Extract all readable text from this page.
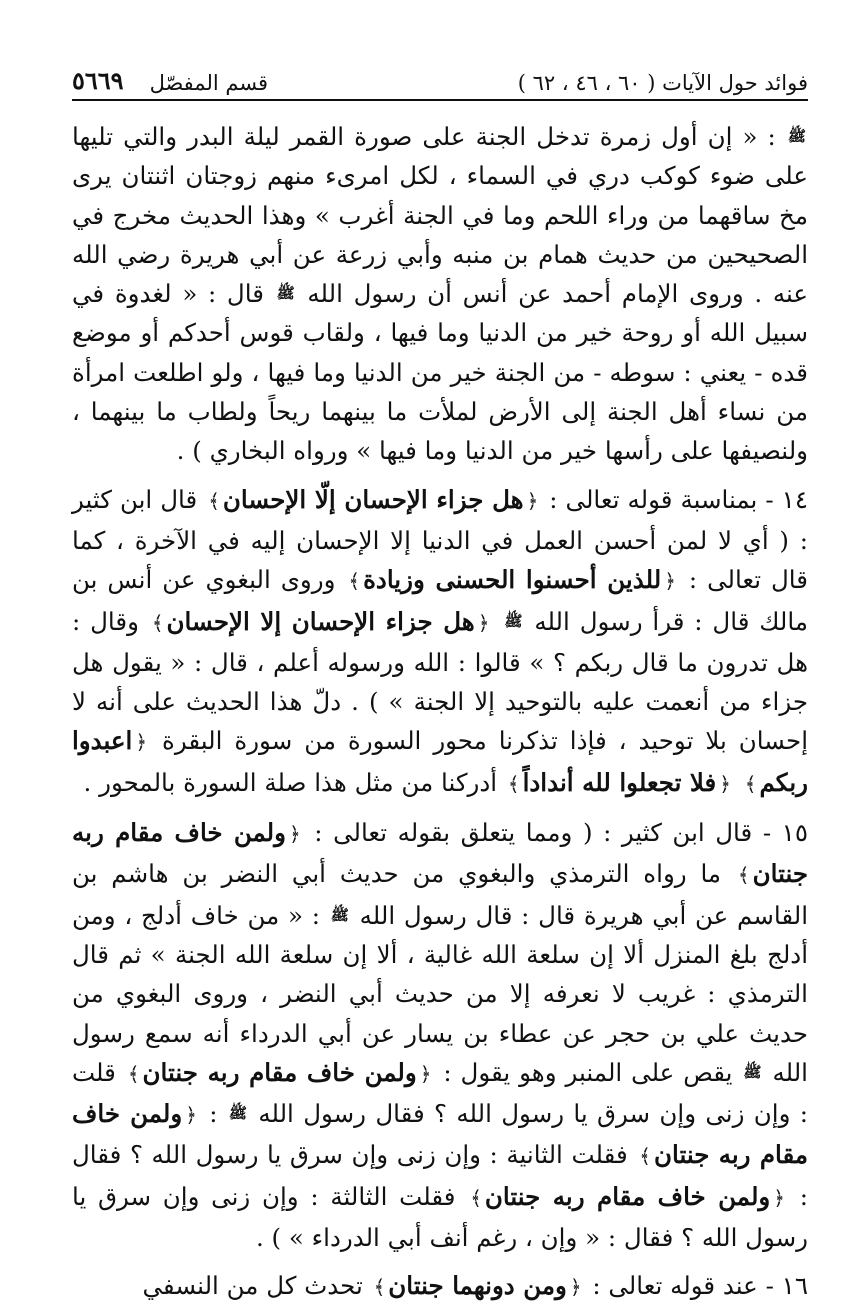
فوائد حول الآيات ( ٦٠ ، ٤٦ ، ٦٢ )
قسم المفصّل
٥٦٦٩

ﷺ : « إن أول زمرة تدخل الجنة على صورة القمر ليلة البدر والتي تليها على ضوء كوكب دري في السماء ، لكل امرىء منهم زوجتان اثنتان يرى مخ ساقهما من وراء اللحم وما في الجنة أغرب » وهذا الحديث مخرج في الصحيحين من حديث همام بن منبه وأبي زرعة عن أبي هريرة رضي الله عنه . وروى الإمام أحمد عن أنس أن رسول الله ﷺ قال : « لغدوة في سبيل الله أو روحة خير من الدنيا وما فيها ، ولقاب قوس أحدكم أو موضع قده - يعني : سوطه - من الجنة خير من الدنيا وما فيها ، ولو اطلعت امرأة من نساء أهل الجنة إلى الأرض لملأت ما بينهما ريحاً ولطاب ما بينهما ، ولنصيفها على رأسها خير من الدنيا وما فيها » ورواه البخاري ) .

١٤ - بمناسبة قوله تعالى : ﴿هل جزاء الإحسان إلّا الإحسان﴾ قال ابن كثير : ( أي لا لمن أحسن العمل في الدنيا إلا الإحسان إليه في الآخرة ، كما قال تعالى : ﴿للذين أحسنوا الحسنى وزيادة﴾ وروى البغوي عن أنس بن مالك قال : قرأ رسول الله ﷺ ﴿هل جزاء الإحسان إلا الإحسان﴾ وقال : هل تدرون ما قال ربكم ؟ » قالوا : الله ورسوله أعلم ، قال : « يقول هل جزاء من أنعمت عليه بالتوحيد إلا الجنة » ) . دلّ هذا الحديث على أنه لا إحسان بلا توحيد ، فإذا تذكرنا محور السورة من سورة البقرة ﴿اعبدوا ربكم﴾ ﴿فلا تجعلوا لله أنداداً﴾ أدركنا من مثل هذا صلة السورة بالمحور .

١٥ - قال ابن كثير : ( ومما يتعلق بقوله تعالى : ﴿ولمن خاف مقام ربه جنتان﴾ ما رواه الترمذي والبغوي من حديث أبي النضر بن هاشم بن القاسم عن أبي هريرة قال : قال رسول الله ﷺ : « من خاف أدلج ، ومن أدلج بلغ المنزل ألا إن سلعة الله غالية ، ألا إن سلعة الله الجنة » ثم قال الترمذي : غريب لا نعرفه إلا من حديث أبي النضر ، وروى البغوي من حديث علي بن حجر عن عطاء بن يسار عن أبي الدرداء أنه سمع رسول الله ﷺ يقص على المنبر وهو يقول : ﴿ولمن خاف مقام ربه جنتان﴾ قلت : وإن زنى وإن سرق يا رسول الله ؟ فقال رسول الله ﷺ : ﴿ولمن خاف مقام ربه جنتان﴾ فقلت الثانية : وإن زنى وإن سرق يا رسول الله ؟ فقال : ﴿ولمن خاف مقام ربه جنتان﴾ فقلت الثالثة : وإن زنى وإن سرق يا رسول الله ؟ فقال : « وإن ، رغم أنف أبي الدرداء » ) .

١٦ - عند قوله تعالى : ﴿ومن دونهما جنتان﴾ تحدث كل من النسفي
